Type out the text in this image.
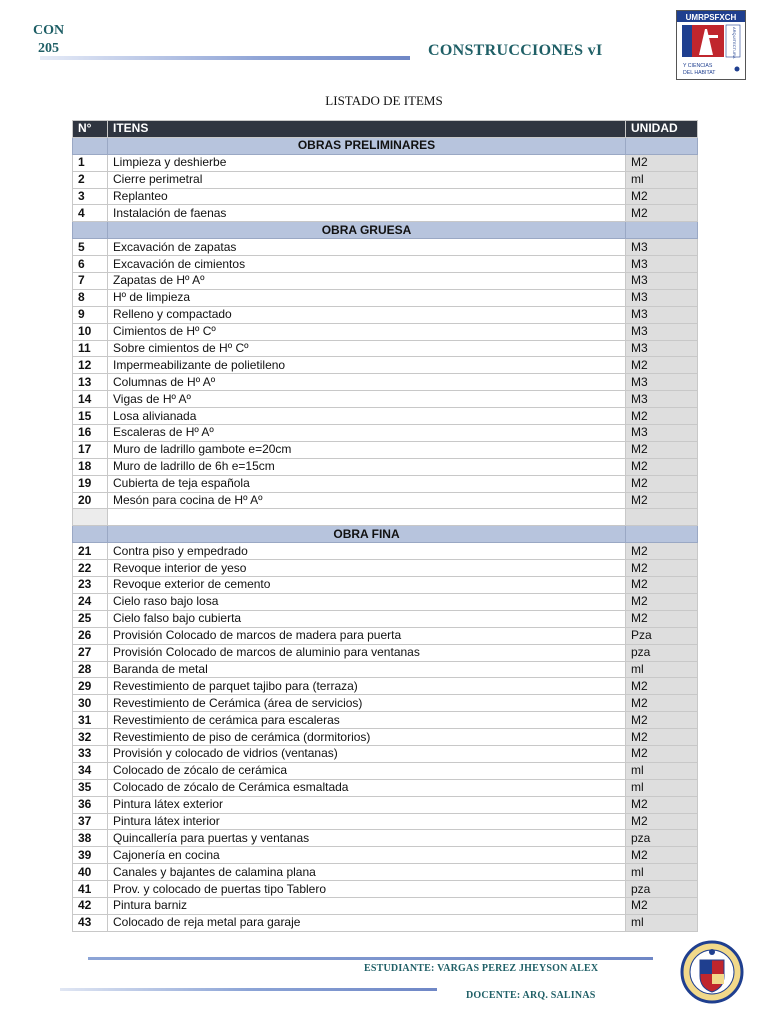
CON
205	CONSTRUCCIONES vI
UMRPSFXCH
ARQUITECTURA
Y CIENCIAS
DEL HABITAT
LISTADO DE ITEMS
N°	ITENS	UNIDAD
	OBRAS PRELIMINARES	
1	Limpieza y deshierbe	M2
2	Cierre perimetral	ml
3	Replanteo	M2
4	Instalación de faenas	M2
	OBRA GRUESA	
5	Excavación de zapatas	M3
6	Excavación de cimientos	M3
7	Zapatas de Hº Aº	M3
8	Hº de limpieza	M3
9	Relleno y compactado	M3
10	Cimientos de Hº Cº	M3
11	Sobre cimientos de Hº Cº	M3
12	Impermeabilizante de polietileno	M2
13	Columnas de Hº Aº	M3
14	Vigas de Hº Aº	M3
15	Losa alivianada	M2
16	Escaleras de Hº Aº	M3
17	Muro de ladrillo gambote e=20cm	M2
18	Muro de ladrillo de 6h e=15cm	M2
19	Cubierta de teja española	M2
20	Mesón para cocina de Hº Aº	M2

	OBRA FINA	
21	Contra piso y empedrado	M2
22	Revoque interior de yeso	M2
23	Revoque exterior de cemento	M2
24	Cielo raso bajo losa	M2
25	Cielo falso bajo cubierta	M2
26	Provisión Colocado de marcos de madera para puerta	Pza
27	Provisión Colocado de marcos de aluminio para ventanas	pza
28	Baranda de metal	ml
29	Revestimiento de parquet tajibo para (terraza)	M2
30	Revestimiento de Cerámica (área de servicios)	M2
31	Revestimiento de cerámica para escaleras	M2
32	Revestimiento de piso de cerámica (dormitorios)	M2
33	Provisión y colocado de vidrios (ventanas)	M2
34	Colocado de zócalo de cerámica	ml
35	Colocado de zócalo de Cerámica esmaltada	ml
36	Pintura látex exterior	M2
37	Pintura látex interior	M2
38	Quincallería para puertas y ventanas	pza
39	Cajonería en cocina	M2
40	Canales y bajantes de calamina plana	ml
41	Prov. y colocado de puertas tipo Tablero	pza
42	Pintura barniz	M2
43	Colocado de reja metal para garaje	ml
ESTUDIANTE: VARGAS PEREZ JHEYSON ALEX
DOCENTE: ARQ. SALINAS
